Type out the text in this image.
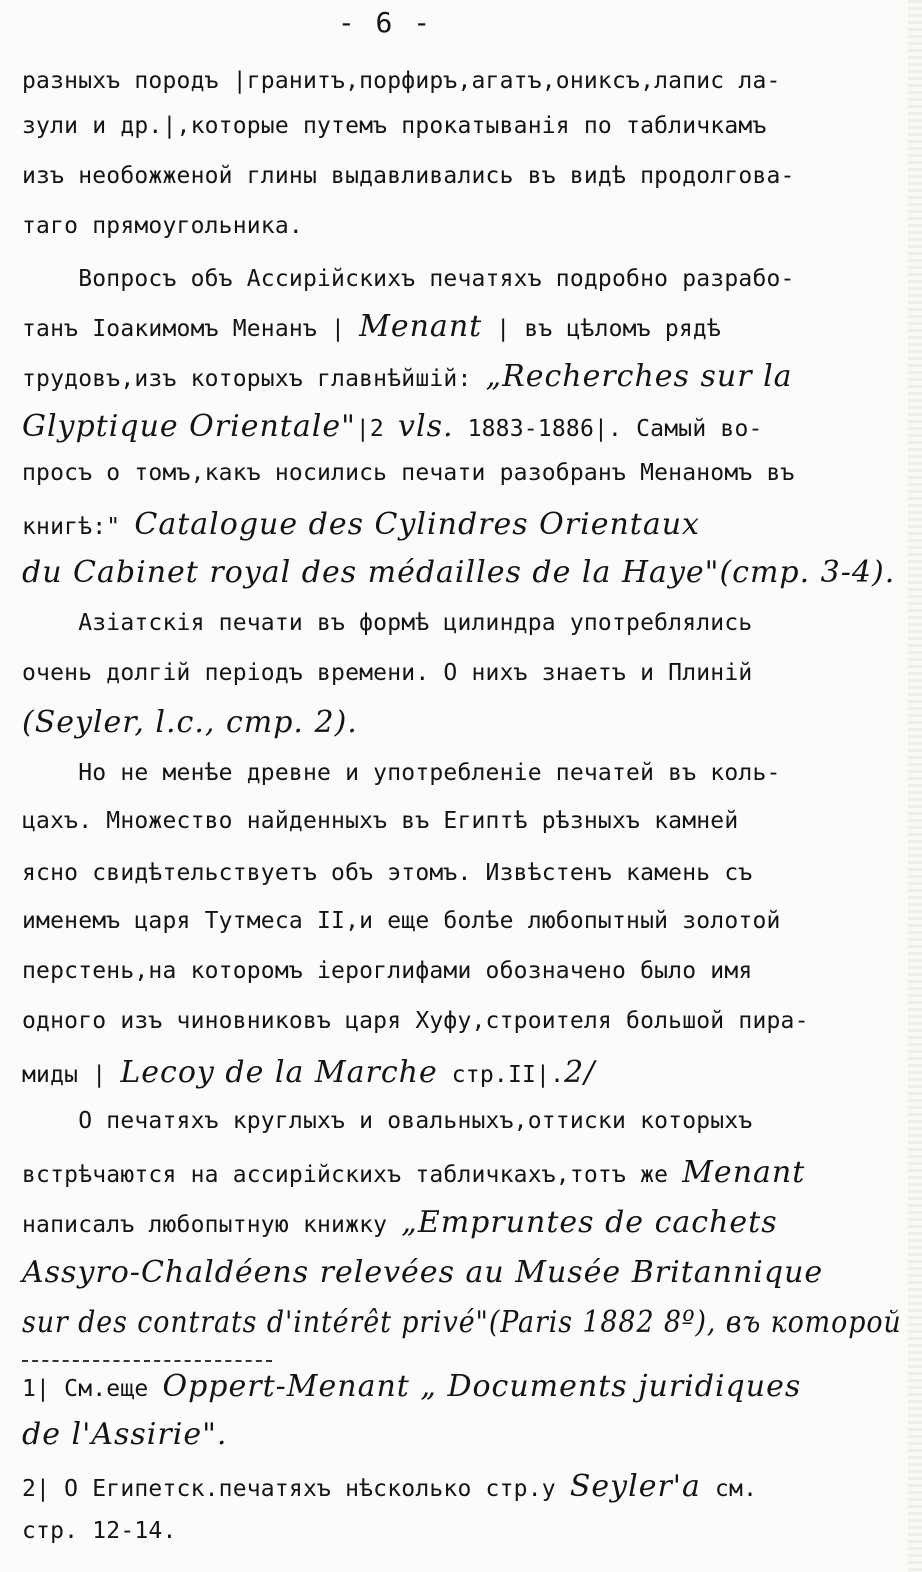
- 6 -
разныхъ породъ |гранитъ,порфиръ,агатъ,ониксъ,лапис ла-
зули и др.|,которые путемъ прокатыванія по табличкамъ
изъ необожженой глины выдавливались въ видѣ продолгова-
таго прямоугольника.
Вопросъ объ Ассирійскихъ печатяхъ подробно разрабо-
танъ Іоакимомъ Менанъ | Menant | въ цѣломъ рядѣ
трудовъ,изъ которыхъ главнѣйшій: „Recherches sur la
Glyptique Orientale"|2 vls. 1883-1886|. Самый во-
просъ о томъ,какъ носились печати разобранъ Менаномъ въ
книгѣ:" Catalogue des Cylindres Orientaux
du Cabinet royal des médailles de la Haye"(стр. 3-4).
Азіатскія печати въ формѣ цилиндра употреблялись
очень долгій періодъ времени. О нихъ знаетъ и Плиній
(Seyler, l.c., стр. 2).
Но не менѣе древне и употребленіе печатей въ коль-
цахъ. Множество найденныхъ въ Египтѣ рѣзныхъ камней
ясно свидѣтельствуетъ объ этомъ. Извѣстенъ камень съ
именемъ царя Тутмеса II,и еще болѣе любопытный золотой
перстень,на которомъ іероглифами обозначено было имя
одного изъ чиновниковъ царя Хуфу,строителя большой пира-
миды | Lecoy de la Marche стр.II|.2/
О печатяхъ круглыхъ и овальныхъ,оттиски которыхъ
встрѣчаются на ассирійскихъ табличкахъ,тотъ же Menant
написалъ любопытную книжку „Empruntes de cachets
Assyro-Chaldéens relevées au Musée Britannique
sur des contrats d'intérêt privé"(Paris 1882 8º), въ которой
1| См.еще Oppert-Menant „ Documents juridiques
de l'Assirie".
2| О Египетск.печатяхъ нѣсколько стр.у Seyler'a см.
стр. 12-14.
